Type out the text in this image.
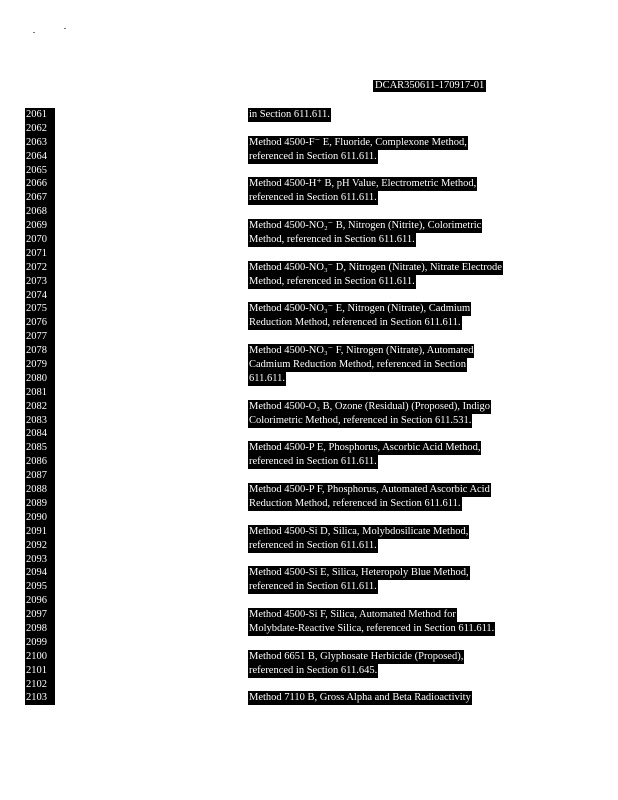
DCAR350611-170917-01
2061
2062
2063
2064
2065
2066
2067
2068
2069
2070
2071
2072
2073
2074
2075
2076
2077
2078
2079
2080
2081
2082
2083
2084
2085
2086
2087
2088
2089
2090
2091
2092
2093
2094
2095
2096
2097
2098
2099
2100
2101
2102
2103
in Section 611.611.
Method 4500-F⁻ E, Fluoride, Complexone Method,
referenced in Section 611.611.
Method 4500-H⁺ B, pH Value, Electrometric Method,
referenced in Section 611.611.
Method 4500-NO₂⁻ B, Nitrogen (Nitrite), Colorimetric
Method, referenced in Section 611.611.
Method 4500-NO₃⁻ D, Nitrogen (Nitrate), Nitrate Electrode
Method, referenced in Section 611.611.
Method 4500-NO₃⁻ E, Nitrogen (Nitrate), Cadmium
Reduction Method, referenced in Section 611.611.
Method 4500-NO₃⁻ F, Nitrogen (Nitrate), Automated
Cadmium Reduction Method, referenced in Section
611.611.
Method 4500-O₃ B, Ozone (Residual) (Proposed), Indigo
Colorimetric Method, referenced in Section 611.531.
Method 4500-P E, Phosphorus, Ascorbic Acid Method,
referenced in Section 611.611.
Method 4500-P F, Phosphorus, Automated Ascorbic Acid
Reduction Method, referenced in Section 611.611.
Method 4500-Si D, Silica, Molybdosilicate Method,
referenced in Section 611.611.
Method 4500-Si E, Silica, Heteropoly Blue Method,
referenced in Section 611.611.
Method 4500-Si F, Silica, Automated Method for
Molybdate-Reactive Silica, referenced in Section 611.611.
Method 6651 B, Glyphosate Herbicide (Proposed),
referenced in Section 611.645.
Method 7110 B, Gross Alpha and Beta Radioactivity
